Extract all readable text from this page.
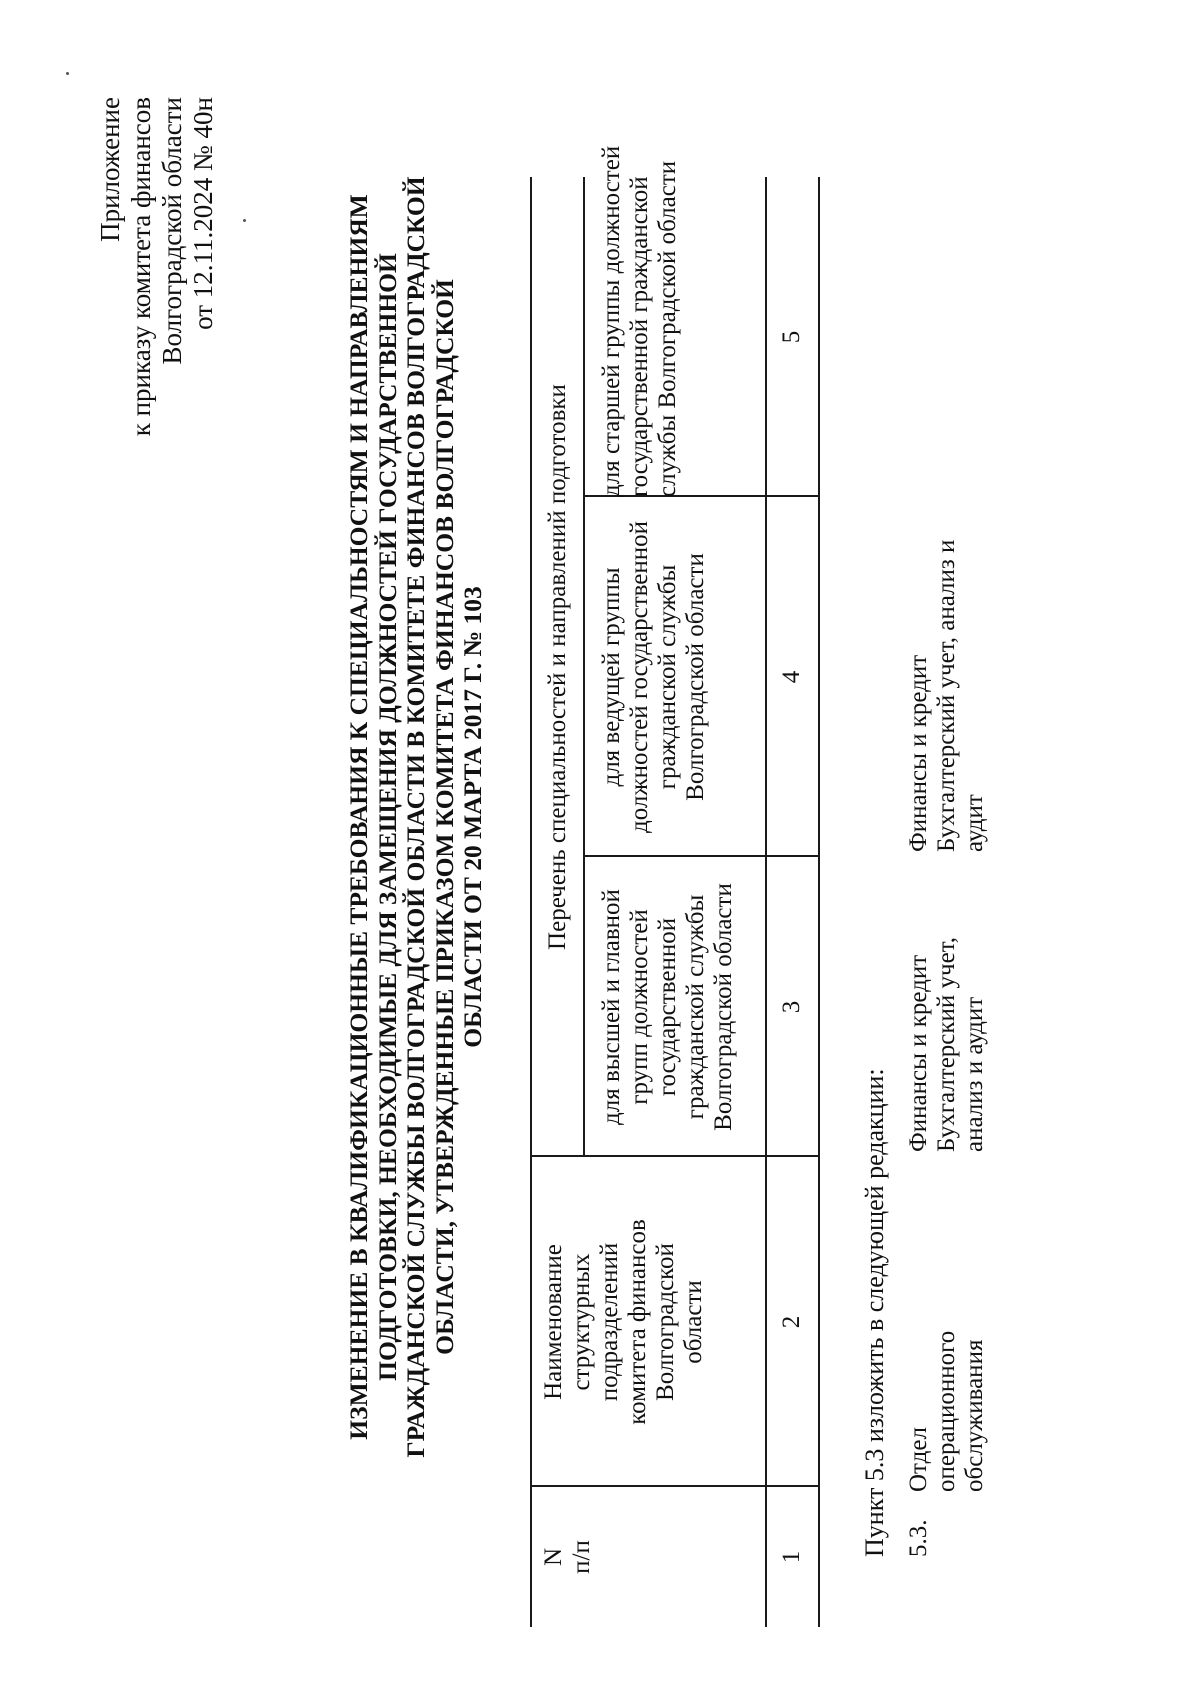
Приложение к приказу комитета финансов Волгоградской области от 12.11.2024 № 40н	ИЗМЕНЕНИЕ В КВАЛИФИКАЦИОННЫЕ ТРЕБОВАНИЯ К СПЕЦИАЛЬНОСТЯМ И НАПРАВЛЕНИЯМ ПОДГОТОВКИ, НЕОБХОДИМЫЕ ДЛЯ ЗАМЕЩЕНИЯ ДОЛЖНОСТЕЙ ГОСУДАРСТВЕННОЙ ГРАЖДАНСКОЙ СЛУЖБЫ ВОЛГОГРАДСКОЙ ОБЛАСТИ В КОМИТЕТЕ ФИНАНСОВ ВОЛГОГРАДСКОЙ ОБЛАСТИ, УТВЕРЖДЕННЫЕ ПРИКАЗОМ КОМИТЕТА ФИНАНСОВ ВОЛГОГРАДСКОЙ ОБЛАСТИ ОТ 20 МАРТА 2017 Г. № 103
N п/п
Наименование структурных подразделений комитета финансов Волгоградской области
Перечень специальностей и направлений подготовки
для высшей и главной групп должностей государственной гражданской службы Волгоградской области
для ведущей группы должностей государственной гражданской службы Волгоградской области
для старшей группы должностей государственной гражданской службы Волгоградской области
1
2
3
4
5
Пункт 5.3 изложить в следующей редакции: 5.3.
Отдел операционного обслуживания
Финансы и кредит Бухгалтерский учет, анализ и аудит
Финансы и кредит Бухгалтерский учет, анализ и аудит
